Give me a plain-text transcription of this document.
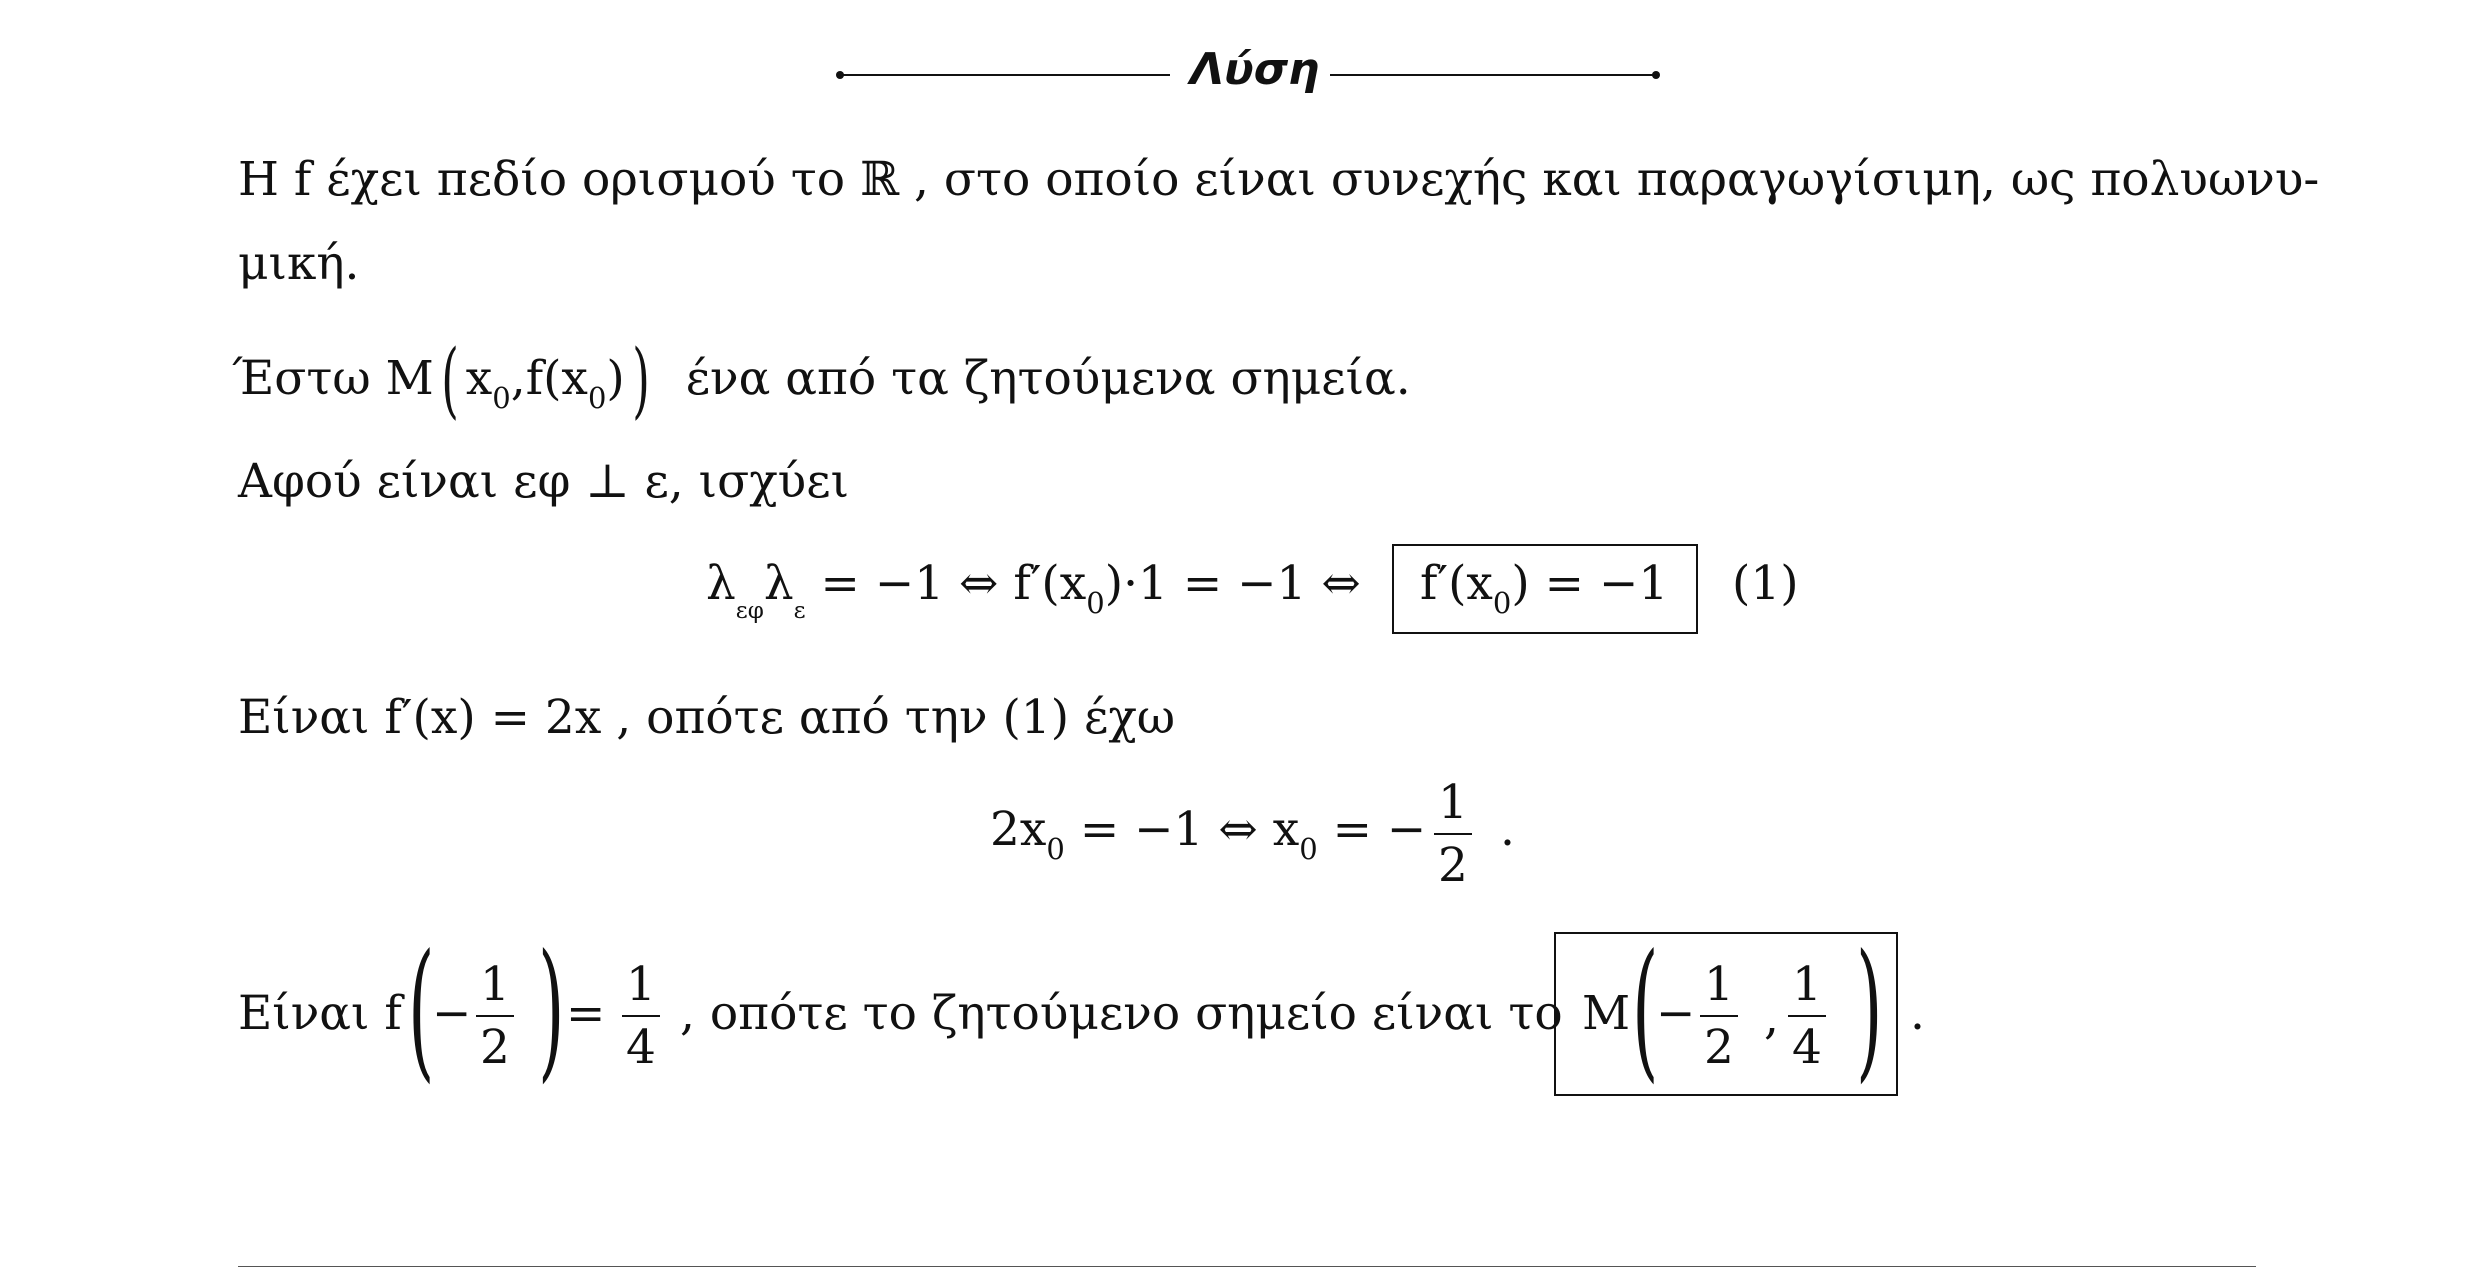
Λύση
H f έχει πεδίο ορισμού το ℝ , στο οποίο είναι συνεχής και παραγωγίσιμη, ως πολυωνυ-
μική.
Έστω M( $x_0,f(x_0)$) ένα από τα ζητούμενα σημεία.
Αφού είναι εφ ⊥ ε, ισχύει
$\lambda_{\varepsilon\varphi}\lambda_\varepsilon = -1$ ⇔ $f'(x_0)\cdot 1 = -1$ ⇔ $f'(x_0) = -1$ (1)
Είναι f′(x) = 2x , οπότε από την (1) έχω
$2x_0 = -1$ ⇔ $x_0$ = − $\frac{1}{2}$ .
Είναι f (
− $\frac{1}{2}$ ) = $\frac{1}{4}$ , οπότε το ζητούμενο σημείο είναι το M (
− $\frac{1}{2}$ , $\frac{1}{4}$ ) .
